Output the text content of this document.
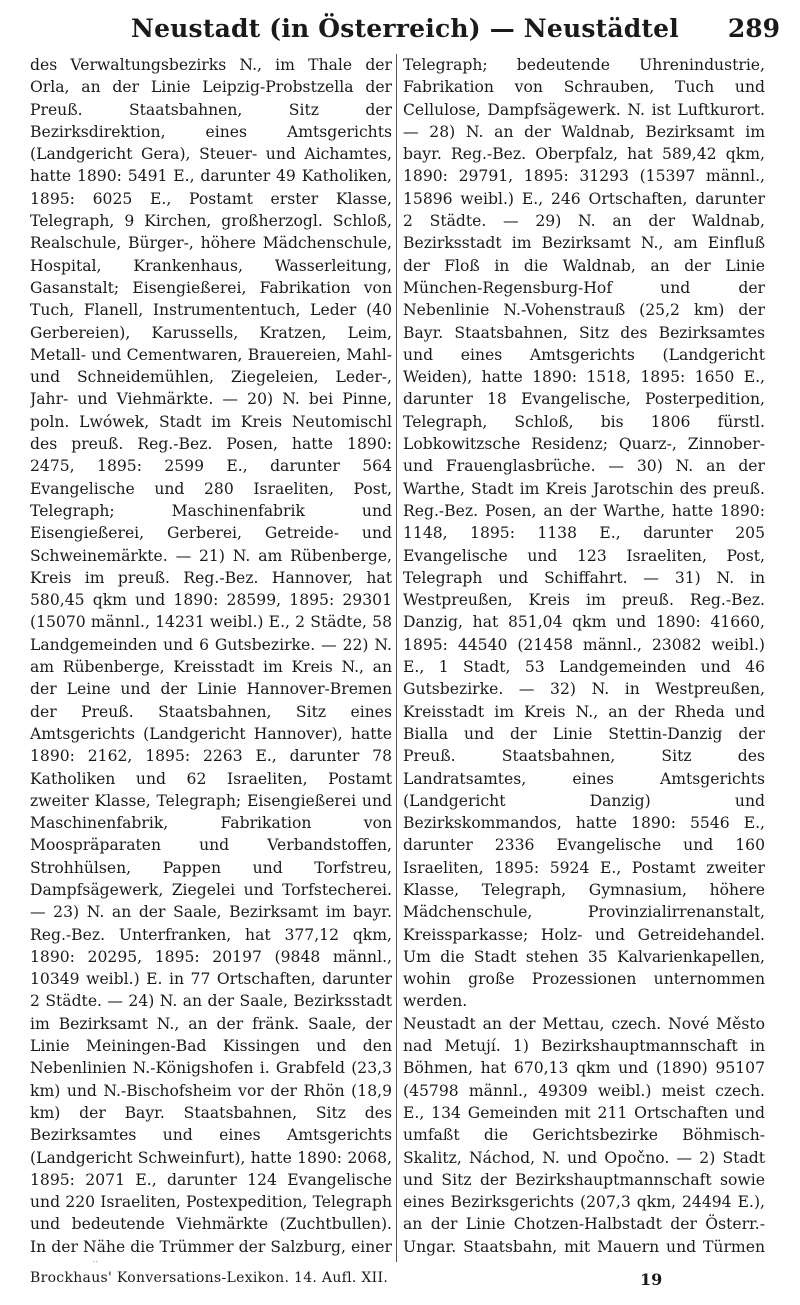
Neustadt (in Österreich) — Neustädtel 289

des Verwaltungsbezirks N., im Thale der Orla, an der Linie Leipzig-Probstzella der Preuß. Staatsbahnen, Sitz der Bezirksdirektion, eines Amtsgerichts (Landgericht Gera), Steuer- und Aichamtes, hatte 1890: 5491 E., darunter 49 Katholiken, 1895: 6025 E., Postamt erster Klasse, Telegraph, 9 Kirchen, großherzogl. Schloß, Realschule, Bürger-, höhere Mädchenschule, Hospital, Krankenhaus, Wasserleitung, Gasanstalt; Eisengießerei, Fabrikation von Tuch, Flanell, Instrumententuch, Leder (40 Gerbereien), Karussells, Kratzen, Leim, Metall- und Cementwaren, Brauereien, Mahl- und Schneidemühlen, Ziegeleien, Leder-, Jahr- und Viehmärkte. — 20) N. bei Pinne, poln. Lwówek, Stadt im Kreis Neutomischl des preuß. Reg.-Bez. Posen, hatte 1890: 2475, 1895: 2599 E., darunter 564 Evangelische und 280 Israeliten, Post, Telegraph; Maschinenfabrik und Eisengießerei, Gerberei, Getreide- und Schweinemärkte. — 21) N. am Rübenberge, Kreis im preuß. Reg.-Bez. Hannover, hat 580,45 qkm und 1890: 28599, 1895: 29301 (15070 männl., 14231 weibl.) E., 2 Städte, 58 Landgemeinden und 6 Gutsbezirke. — 22) N. am Rübenberge, Kreisstadt im Kreis N., an der Leine und der Linie Hannover-Bremen der Preuß. Staatsbahnen, Sitz eines Amtsgerichts (Landgericht Hannover), hatte 1890: 2162, 1895: 2263 E., darunter 78 Katholiken und 62 Israeliten, Postamt zweiter Klasse, Telegraph; Eisengießerei und Maschinenfabrik, Fabrikation von Moospräparaten und Verbandstoffen, Strohhülsen, Pappen und Torfstreu, Dampfsägewerk, Ziegelei und Torfstecherei. — 23) N. an der Saale, Bezirksamt im bayr. Reg.-Bez. Unterfranken, hat 377,12 qkm, 1890: 20295, 1895: 20197 (9848 männl., 10349 weibl.) E. in 77 Ortschaften, darunter 2 Städte. — 24) N. an der Saale, Bezirksstadt im Bezirksamt N., an der fränk. Saale, der Linie Meiningen-Bad Kissingen und den Nebenlinien N.-Königshofen i. Grabfeld (23,3 km) und N.-Bischofsheim vor der Rhön (18,9 km) der Bayr. Staatsbahnen, Sitz des Bezirksamtes und eines Amtsgerichts (Landgericht Schweinfurt), hatte 1890: 2068, 1895: 2071 E., darunter 124 Evangelische und 220 Israeliten, Postexpedition, Telegraph und bedeutende Viehmärkte (Zuchtbullen). In der Nähe die Trümmer der Salzburg, einer

Telegraph; bedeutende Uhrenindustrie, Fabrikation von Schrauben, Tuch und Cellulose, Dampfsägewerk. N. ist Luftkurort. — 28) N. an der Waldnab, Bezirksamt im bayr. Reg.-Bez. Oberpfalz, hat 589,42 qkm, 1890: 29791, 1895: 31293 (15397 männl., 15896 weibl.) E., 246 Ortschaften, darunter 2 Städte. — 29) N. an der Waldnab, Bezirksstadt im Bezirksamt N., am Einfluß der Floß in die Waldnab, an der Linie München-Regensburg-Hof und der Nebenlinie N.-Vohenstrauß (25,2 km) der Bayr. Staatsbahnen, Sitz des Bezirksamtes und eines Amtsgerichts (Landgericht Weiden), hatte 1890: 1518, 1895: 1650 E., darunter 18 Evangelische, Posterpedition, Telegraph, Schloß, bis 1806 fürstl. Lobkowitzsche Residenz; Quarz-, Zinnober- und Frauenglasbrüche. — 30) N. an der Warthe, Stadt im Kreis Jarotschin des preuß. Reg.-Bez. Posen, an der Warthe, hatte 1890: 1148, 1895: 1138 E., darunter 205 Evangelische und 123 Israeliten, Post, Telegraph und Schiffahrt. — 31) N. in Westpreußen, Kreis im preuß. Reg.-Bez. Danzig, hat 851,04 qkm und 1890: 41660, 1895: 44540 (21458 männl., 23082 weibl.) E., 1 Stadt, 53 Landgemeinden und 46 Gutsbezirke. — 32) N. in Westpreußen, Kreisstadt im Kreis N., an der Rheda und Bialla und der Linie Stettin-Danzig der Preuß. Staatsbahnen, Sitz des Landratsamtes, eines Amtsgerichts (Landgericht Danzig) und Bezirkskommandos, hatte 1890: 5546 E., darunter 2336 Evangelische und 160 Israeliten, 1895: 5924 E., Postamt zweiter Klasse, Telegraph, Gymnasium, höhere Mädchenschule, Provinzialirrenanstalt, Kreissparkasse; Holz- und Getreidehandel. Um die Stadt stehen 35 Kalvarienkapellen, wohin große Prozessionen unternommen werden.

Neustadt an der Mettau, czech. Nové Město nad Metují. 1) Bezirkshauptmannschaft in Böhmen, hat 670,13 qkm und (1890) 95107 (45798 männl., 49309 weibl.) meist czech. E., 134 Gemeinden mit 211 Ortschaften und umfaßt die Gerichtsbezirke Böhmisch-Skalitz, Náchod, N. und Opočno. — 2) Stadt und Sitz der Bezirkshauptmannschaft sowie eines Bezirksgerichts (207,3 qkm, 24494 E.), an der Linie Chotzen-Halbstadt der Österr.-Ungar. Staatsbahn, mit Mauern und Türmen

Brockhaus' Konversations-Lexikon. 14. Aufl. XII.	19
